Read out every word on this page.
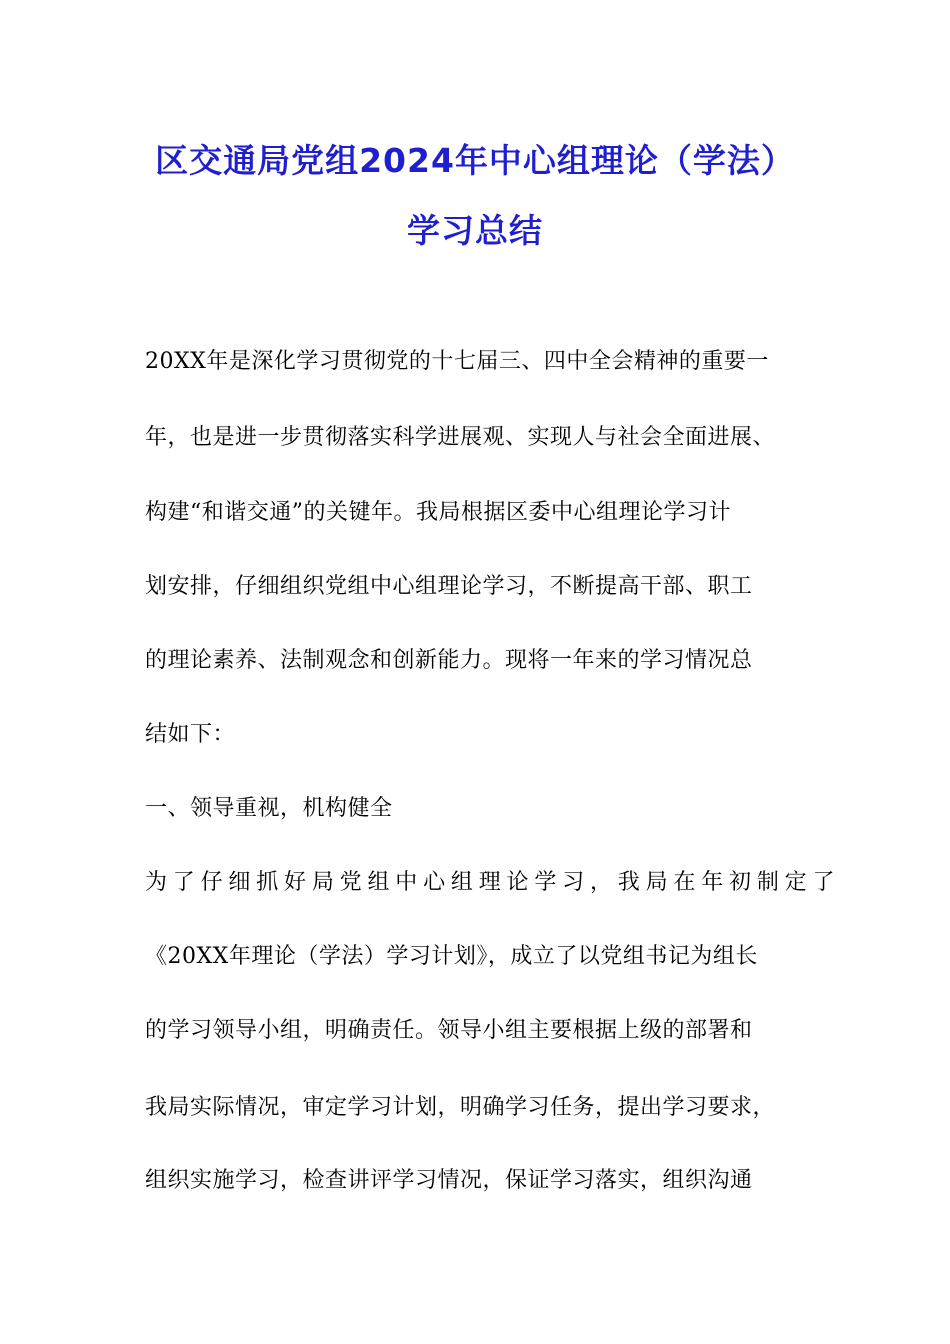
区交通局党组2024年中心组理论（学法）
学习总结
20XX年是深化学习贯彻党的十七届三、四中全会精神的重要一
年，也是进一步贯彻落实科学进展观、实现人与社会全面进展、
构建“和谐交通”的关键年。我局根据区委中心组理论学习计
划安排，仔细组织党组中心组理论学习，不断提高干部、职工
的理论素养、法制观念和创新能力。现将一年来的学习情况总
结如下：
一、领导重视，机构健全
为了仔细抓好局党组中心组理论学习，我局在年初制定了
《20XX年理论（学法）学习计划》，成立了以党组书记为组长
的学习领导小组，明确责任。领导小组主要根据上级的部署和
我局实际情况，审定学习计划，明确学习任务，提出学习要求，
组织实施学习，检查讲评学习情况，保证学习落实，组织沟通
